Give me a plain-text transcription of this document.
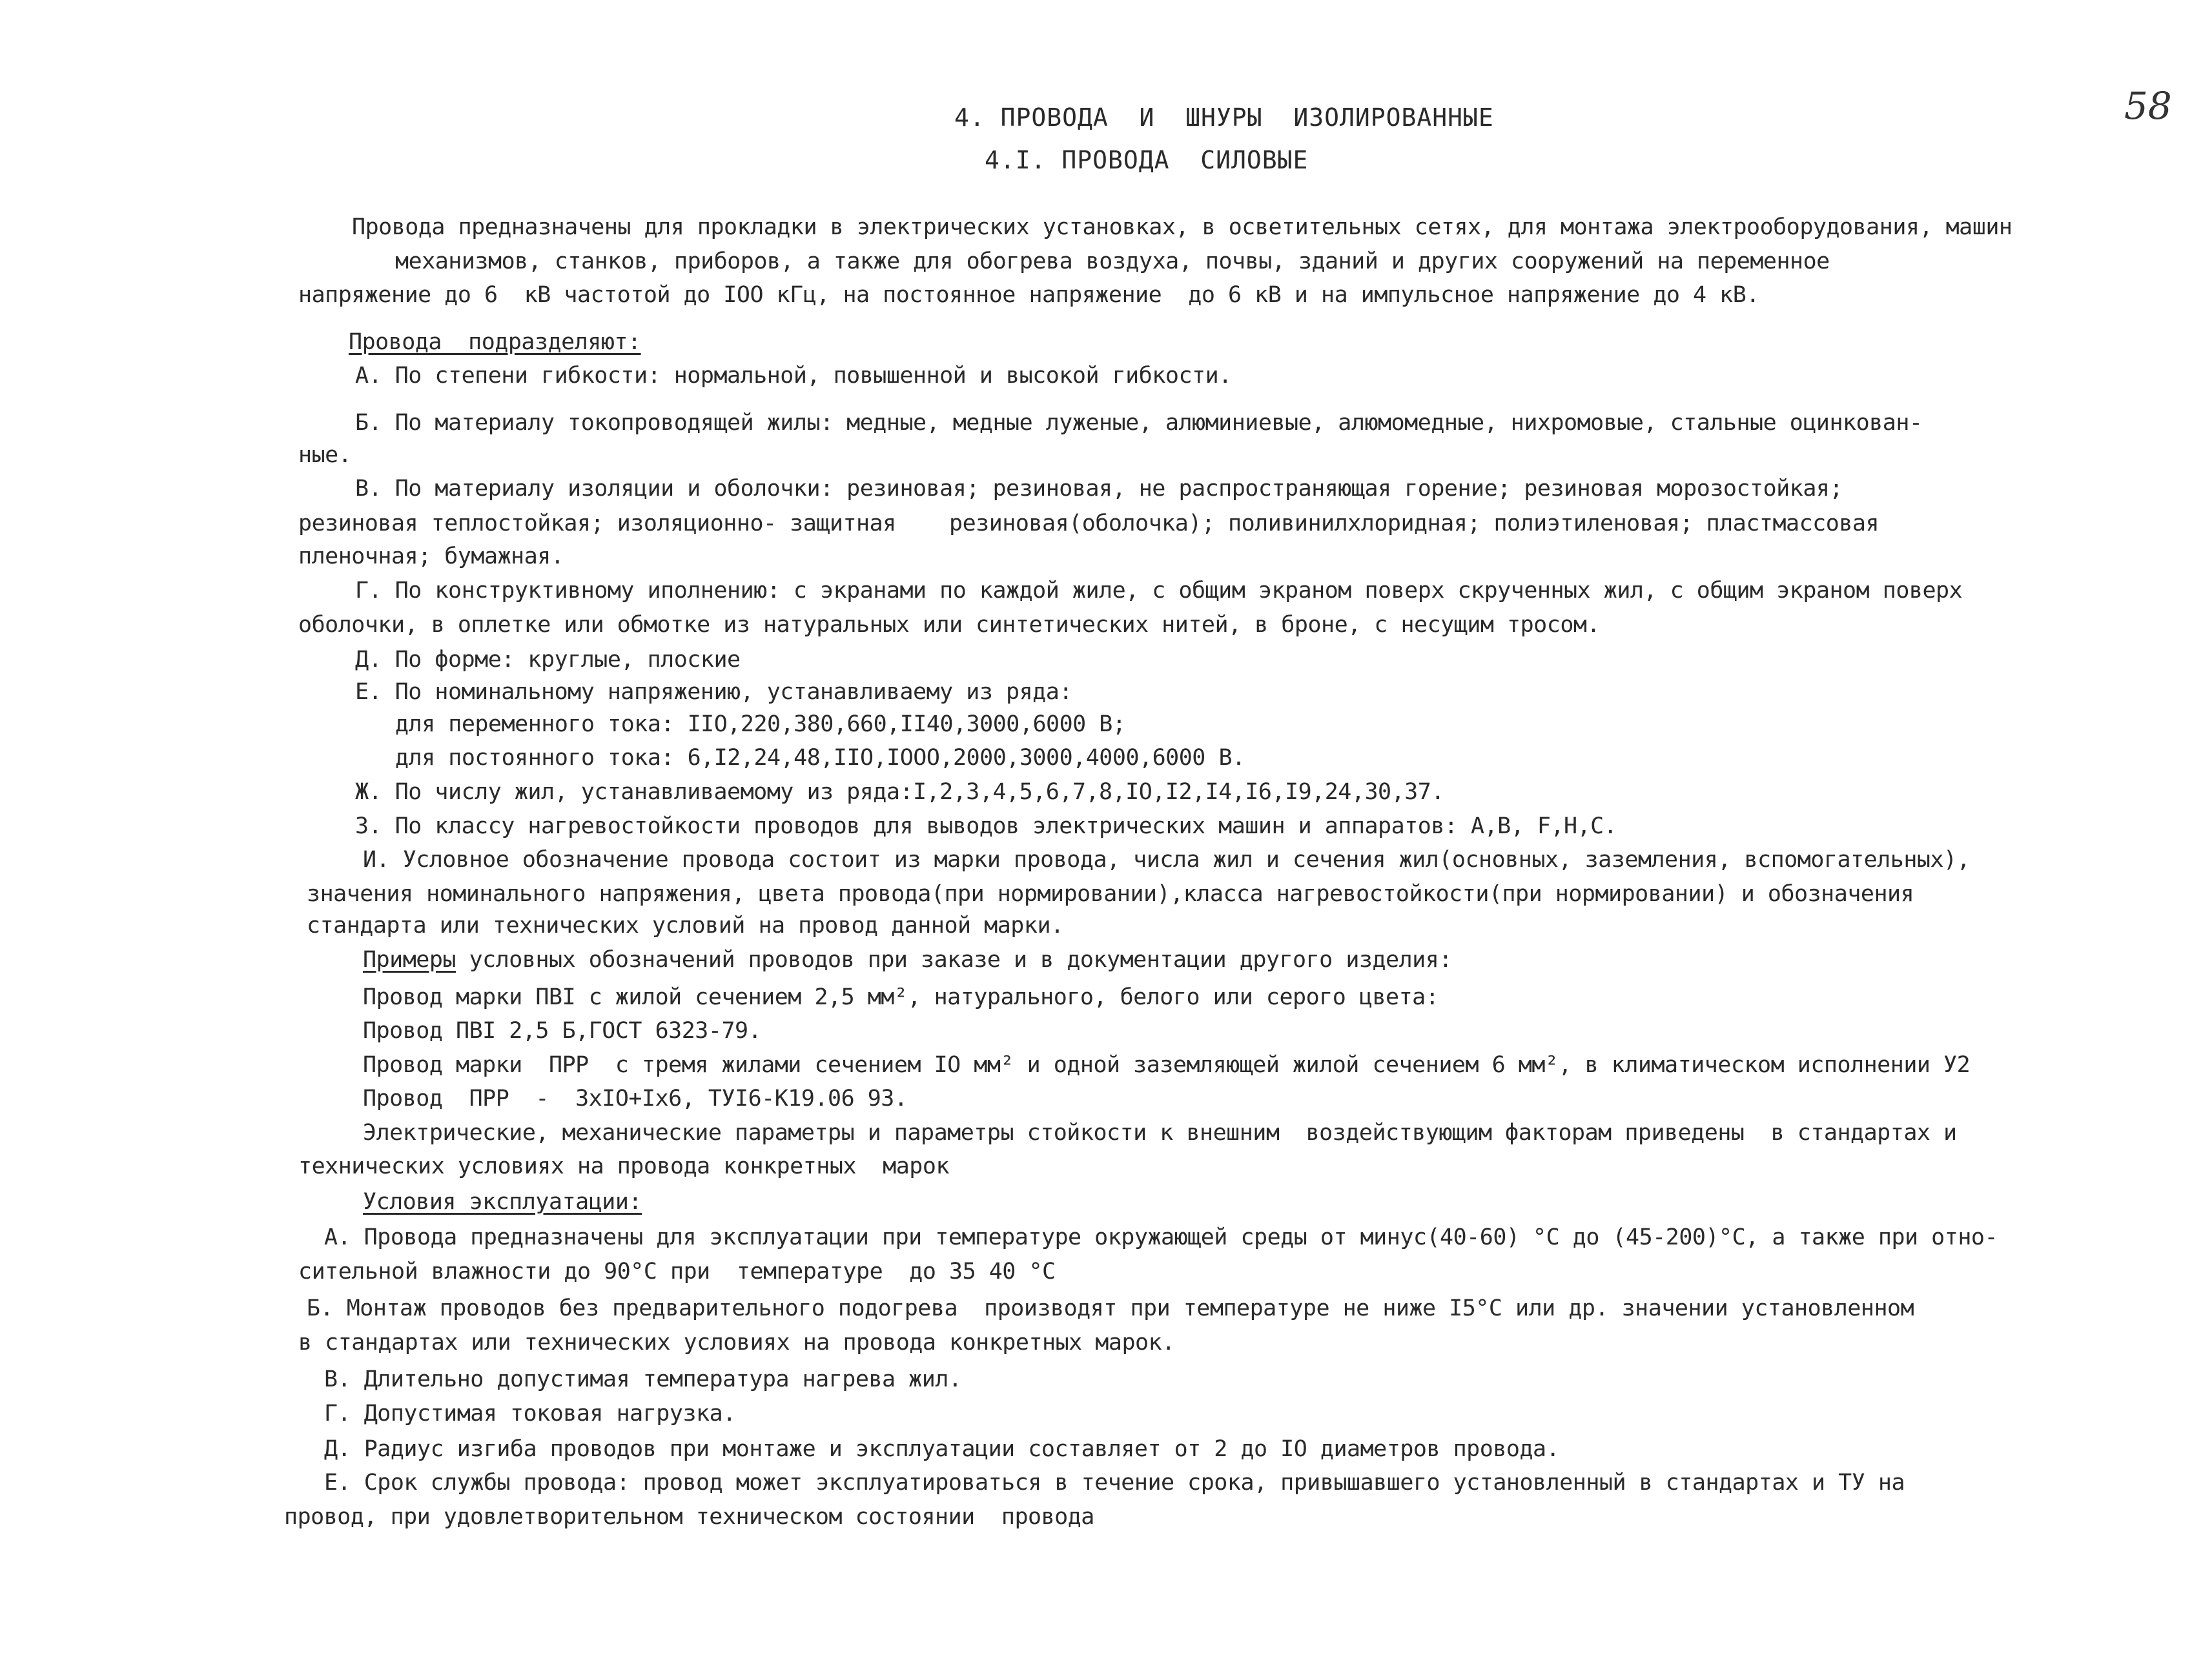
58
4. ПРОВОДА  И  ШНУРЫ  ИЗОЛИРОВАННЫЕ
4.I. ПРОВОДА  СИЛОВЫЕ
Провода предназначены для прокладки в электрических установках, в осветительных сетях, для монтажа электрооборудования, машин
механизмов, станков, приборов, а также для обогрева воздуха, почвы, зданий и других сооружений на переменное
напряжение до 6  кВ частотой до IOO кГц, на постоянное напряжение  до 6 кВ и на импульсное напряжение до 4 кВ.
Провода  подразделяют:
А. По степени гибкости: нормальной, повышенной и высокой гибкости.
Б. По материалу токопроводящей жилы: медные, медные луженые, алюминиевые, алюмомедные, нихромовые, стальные оцинкован-
ные.
В. По материалу изоляции и оболочки: резиновая; резиновая, не распространяющая горение; резиновая морозостойкая;
резиновая теплостойкая; изоляционно- защитная    резиновая(оболочка); поливинилхлоридная; полиэтиленовая; пластмассовая
пленочная; бумажная.
Г. По конструктивному иполнению: с экранами по каждой жиле, с общим экраном поверх скрученных жил, с общим экраном поверх
оболочки, в оплетке или обмотке из натуральных или синтетических нитей, в броне, с несущим тросом.
Д. По форме: круглые, плоские
Е. По номинальному напряжению, устанавливаему из ряда:
для переменного тока: IIO,220,380,660,II40,3000,6000 В;
для постоянного тока: 6,I2,24,48,IIO,IOOO,2000,3000,4000,6000 В.
Ж. По числу жил, устанавливаемому из ряда:I,2,3,4,5,6,7,8,IO,I2,I4,I6,I9,24,30,37.
З. По классу нагревостойкости проводов для выводов электрических машин и аппаратов: А,В, F,H,С.
И. Условное обозначение провода состоит из марки провода, числа жил и сечения жил(основных, заземления, вспомогательных),
значения номинального напряжения, цвета провода(при нормировании),класса нагревостойкости(при нормировании) и обозначения
стандарта или технических условий на провод данной марки.
Примеры условных обозначений проводов при заказе и в документации другого изделия:
Провод марки ПВI с жилой сечением 2,5 мм², натурального, белого или серого цвета:
Провод ПВI 2,5 Б,ГОСТ 6323-79.
Провод марки  ПРР  с тремя жилами сечением IO мм² и одной заземляющей жилой сечением 6 мм², в климатическом исполнении У2
Провод  ПРР  -  3хIО+Iх6, ТУI6-К19.06 93.
Электрические, механические параметры и параметры стойкости к внешним  воздействующим факторам приведены  в стандартах и
технических условиях на провода конкретных  марок
Условия эксплуатации:
А. Провода предназначены для эксплуатации при температуре окружающей среды от минус(40-60) °С до (45-200)°С, а также при отно-
сительной влажности до 90°С при  температуре  до 35 40 °С
Б. Монтаж проводов без предварительного подогрева  производят при температуре не ниже I5°С или др. значении установленном
в стандартах или технических условиях на провода конкретных марок.
В. Длительно допустимая температура нагрева жил.
Г. Допустимая токовая нагрузка.
Д. Радиус изгиба проводов при монтаже и эксплуатации составляет от 2 до IO диаметров провода.
Е. Срок службы провода: провод может эксплуатироваться в течение срока, привышавшего установленный в стандартах и ТУ на
провод, при удовлетворительном техническом состоянии  провода
